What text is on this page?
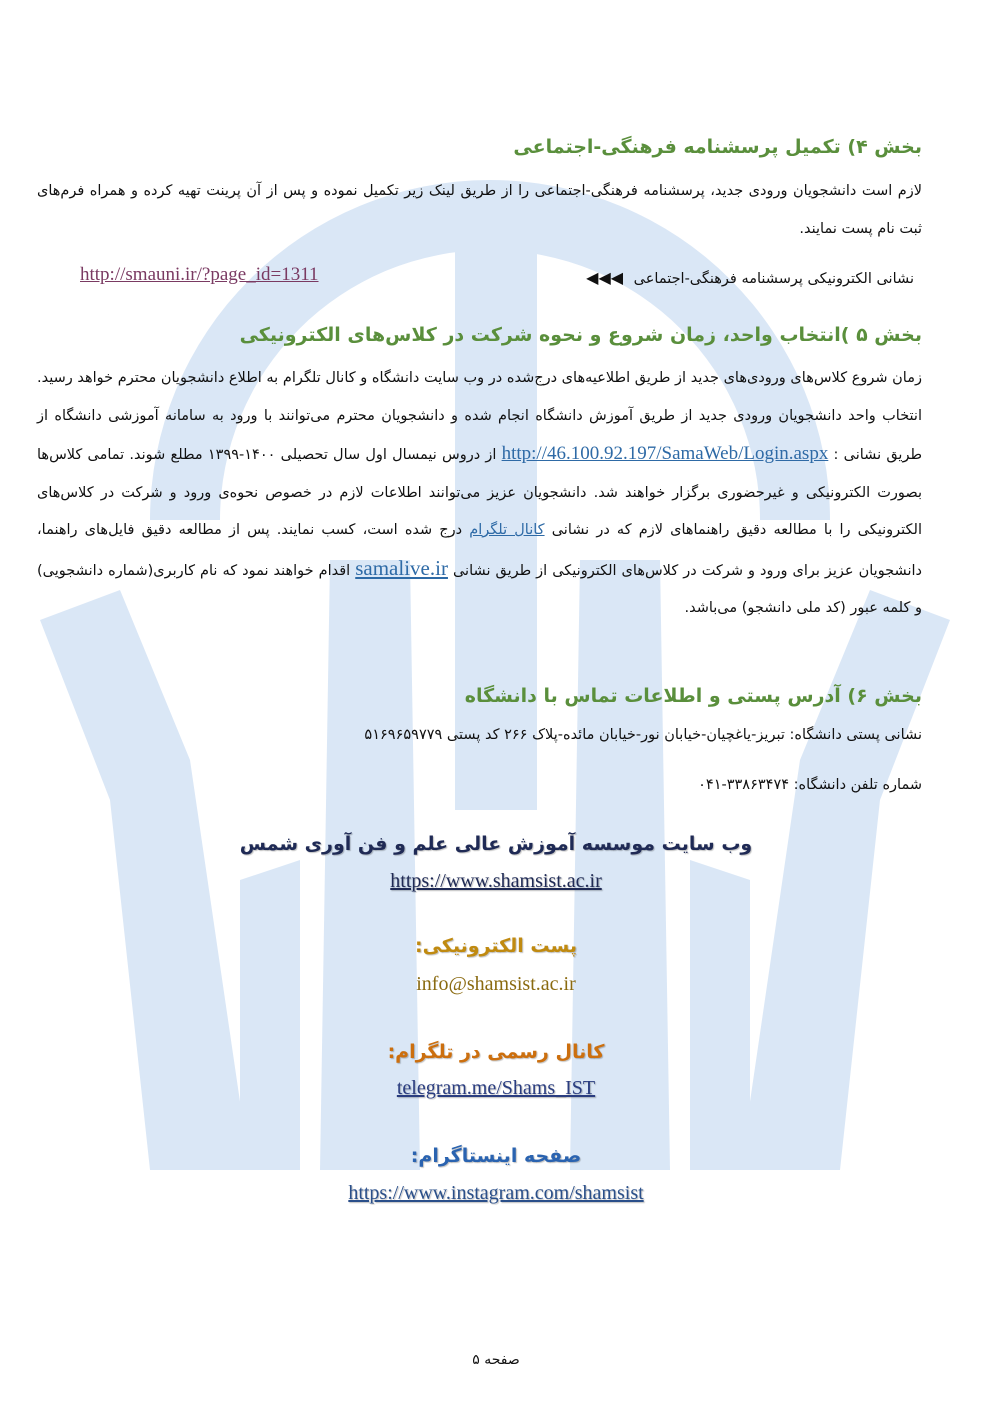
بخش ۴) تکمیل پرسشنامه فرهنگی-اجتماعی
لازم است دانشجویان ورودی جدید، پرسشنامه فرهنگی-اجتماعی را از طریق لینک زیر تکمیل نموده و پس از آن پرینت تهیه کرده و همراه فرم‌های ثبت نام پست نمایند.
نشانی الکترونیکی پرسشنامه فرهنگی-اجتماعی ◀◀◀
http://smauni.ir/?page_id=1311
بخش ۵ )انتخاب واحد، زمان شروع و نحوه شرکت در کلاس‌های الکترونیکی
زمان شروع کلاس‌های ورودی‌های جدید از طریق اطلاعیه‌های درج‌شده در وب سایت دانشگاه و کانال تلگرام به اطلاع دانشجویان محترم خواهد رسید. انتخاب واحد دانشجویان ورودی جدید از طریق آموزش دانشگاه انجام شده و دانشجویان محترم می‌توانند با ورود به سامانه آموزشی دانشگاه از طریق نشانی : http://46.100.92.197/SamaWeb/Login.aspx از دروس نیمسال اول سال تحصیلی ۱۴۰۰-۱۳۹۹ مطلع شوند. تمامی کلاس‌ها بصورت الکترونیکی و غیرحضوری برگزار خواهند شد. دانشجویان عزیز می‌توانند اطلاعات لازم در خصوص نحوه‌ی ورود و شرکت در کلاس‌های الکترونیکی را با مطالعه دقیق راهنماهای لازم که در نشانی کانال تلگرام درج شده است، کسب نمایند. پس از مطالعه دقیق فایل‌های راهنما، دانشجویان عزیز برای ورود و شرکت در کلاس‌های الکترونیکی از طریق نشانی samalive.ir اقدام خواهند نمود که نام کاربری(شماره دانشجویی) و کلمه عبور (کد ملی دانشجو) می‌باشد.
بخش ۶) آدرس پستی و اطلاعات تماس با دانشگاه
نشانی پستی دانشگاه: تبریز-یاغچیان-خیابان نور-خیابان مائده-پلاک ۲۶۶ کد پستی ۵۱۶۹۶۵۹۷۷۹
شماره تلفن دانشگاه: ۳۳۸۶۳۴۷۴-۰۴۱
وب سایت موسسه آموزش عالی علم و فن آوری شمس
https://www.shamsist.ac.ir
پست الکترونیکی:
info@shamsist.ac.ir
کانال رسمی در تلگرام:
telegram.me/Shams_IST
صفحه اینستاگرام:
https://www.instagram.com/shamsist
صفحه ۵
